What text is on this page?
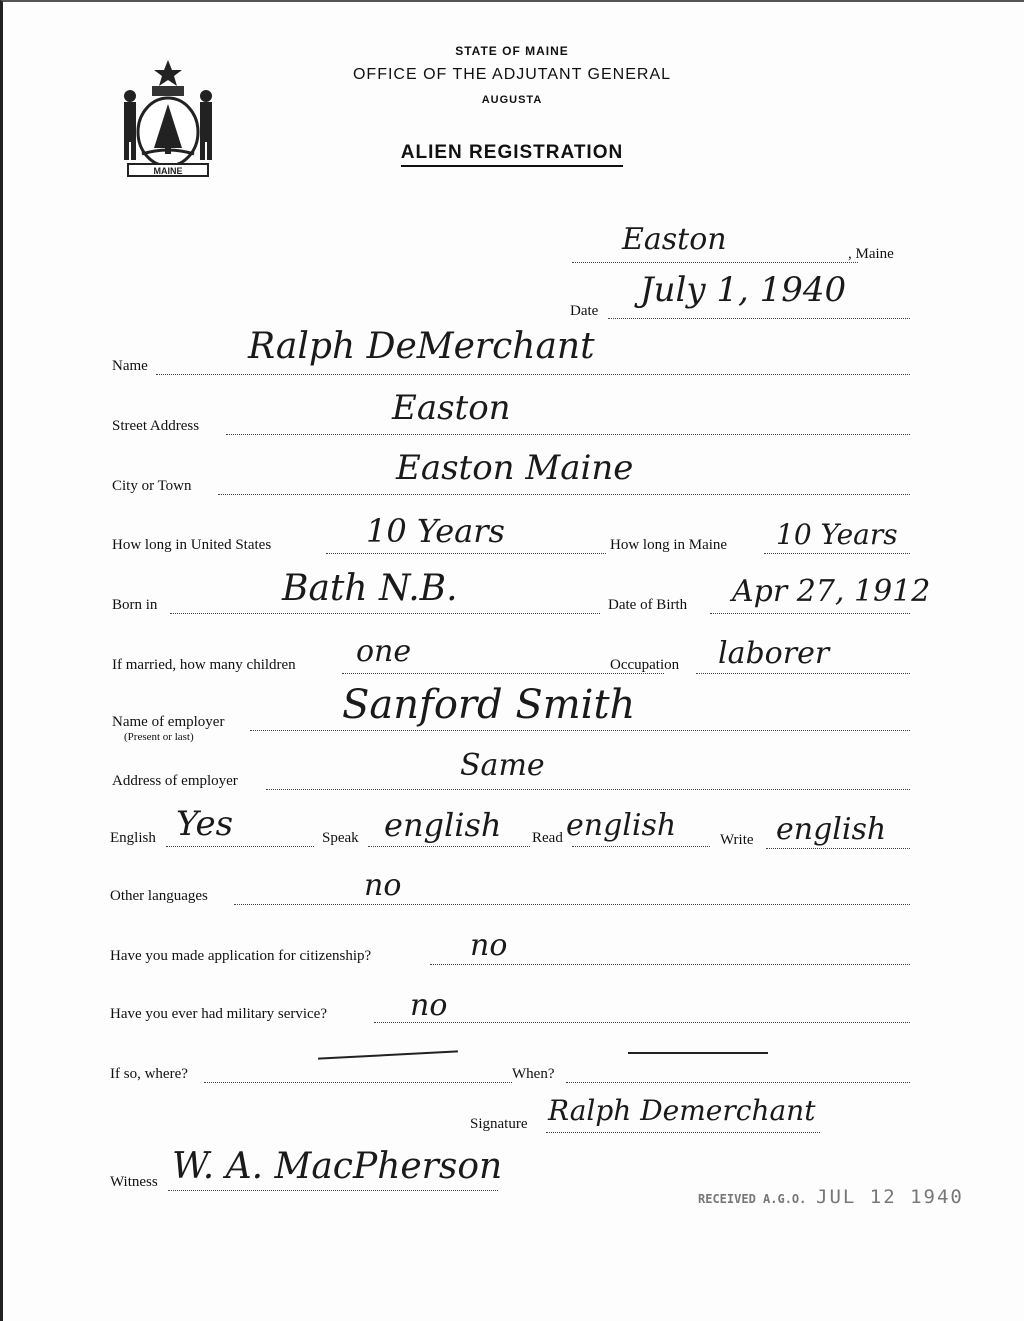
MAINE
STATE OF MAINE
OFFICE OF THE ADJUTANT GENERAL
AUGUSTA
ALIEN REGISTRATION
Easton	, Maine
Date
July 1, 1940
Name	Ralph DeMerchant
Street Address	Easton
City or Town	Easton Maine
How long in United States	10 Years	How long in Maine 10 Years
Born in	Bath N.B.	Date of Birth Apr 27, 1912
If married, how many children one	Occupation laborer
Name of employer
(Present or last)
Sanford Smith
Address of employer	Same
English Yes	Speak english Read english	Write english
Other languages	no
Have you made application for citizenship?	no
Have you ever had military service?	no
If so, where?	When?
Signature Ralph Demerchant
Witness W. A. MacPherson
RECEIVED A.G.O. JUL 12 1940
